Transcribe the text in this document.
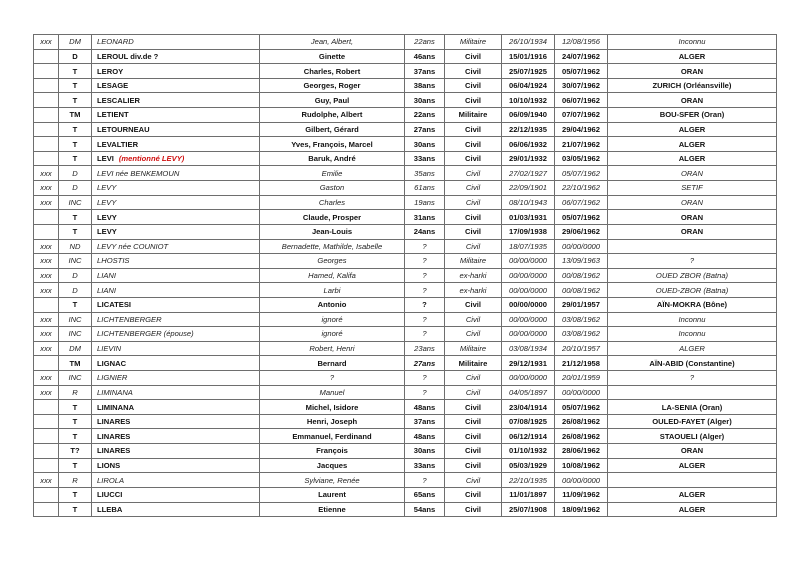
xxx	DM	LEONARD	Jean, Albert,	22ans	Militaire	26/10/1934	12/08/1956	Inconnu
	D	LEROUL div.de ?	Ginette	46ans	Civil	15/01/1916	24/07/1962	ALGER
	T	LEROY	Charles, Robert	37ans	Civil	25/07/1925	05/07/1962	ORAN
	T	LESAGE	Georges, Roger	38ans	Civil	06/04/1924	30/07/1962	ZURICH (Orléansville)
	T	LESCALIER	Guy, Paul	30ans	Civil	10/10/1932	06/07/1962	ORAN
	TM	LETIENT	Rudolphe, Albert	22ans	Militaire	06/09/1940	07/07/1962	BOU-SFER (Oran)
	T	LETOURNEAU	Gilbert, Gérard	27ans	Civil	22/12/1935	29/04/1962	ALGER
	T	LEVALTIER	Yves, François, Marcel	30ans	Civil	06/06/1932	21/07/1962	ALGER
	T	LEVI (mentionné LEVY)	Baruk, André	33ans	Civil	29/01/1932	03/05/1962	ALGER
xxx	D	LEVI née BENKEMOUN	Emilie	35ans	Civil	27/02/1927	05/07/1962	ORAN
xxx	D	LEVY	Gaston	61ans	Civil	22/09/1901	22/10/1962	SETIF
xxx	INC	LEVY	Charles	19ans	Civil	08/10/1943	06/07/1962	ORAN
	T	LEVY	Claude, Prosper	31ans	Civil	01/03/1931	05/07/1962	ORAN
	T	LEVY	Jean-Louis	24ans	Civil	17/09/1938	29/06/1962	ORAN
xxx	ND	LEVY née COUNIOT	Bernadette, Mathilde, Isabelle	?	Civil	18/07/1935	00/00/0000	
xxx	INC	LHOSTIS	Georges	?	Militaire	00/00/0000	13/09/1963	?
xxx	D	LIANI	Hamed, Kalifa	?	ex-harki	00/00/0000	00/08/1962	OUED ZBOR (Batna)
xxx	D	LIANI	Larbi	?	ex-harki	00/00/0000	00/08/1962	OUED-ZBOR (Batna)
	T	LICATESI	Antonio	?	Civil	00/00/0000	29/01/1957	AÏN-MOKRA (Bône)
xxx	INC	LICHTENBERGER	ignoré	?	Civil	00/00/0000	03/08/1962	Inconnu
xxx	INC	LICHTENBERGER (épouse)	ignoré	?	Civil	00/00/0000	03/08/1962	Inconnu
xxx	DM	LIEVIN	Robert, Henri	23ans	Militaire	03/08/1934	20/10/1957	ALGER
	TM	LIGNAC	Bernard	27ans	Militaire	29/12/1931	21/12/1958	AÏN-ABID (Constantine)
xxx	INC	LIGNIER	?	?	Civil	00/00/0000	20/01/1959	?
xxx	R	LIMINANA	Manuel	?	Civil	04/05/1897	00/00/0000	
	T	LIMINANA	Michel, Isidore	48ans	Civil	23/04/1914	05/07/1962	LA-SENIA (Oran)
	T	LINARES	Henri, Joseph	37ans	Civil	07/08/1925	26/08/1962	OULED-FAYET (Alger)
	T	LINARES	Emmanuel, Ferdinand	48ans	Civil	06/12/1914	26/08/1962	STAOUELI (Alger)
	T?	LINARES	François	30ans	Civil	01/10/1932	28/06/1962	ORAN
	T	LIONS	Jacques	33ans	Civil	05/03/1929	10/08/1962	ALGER
xxx	R	LIROLA	Sylviane, Renée	?	Civil	22/10/1935	00/00/0000	
	T	LIUCCI	Laurent	65ans	Civil	11/01/1897	11/09/1962	ALGER
	T	LLEBA	Etienne	54ans	Civil	25/07/1908	18/09/1962	ALGER
